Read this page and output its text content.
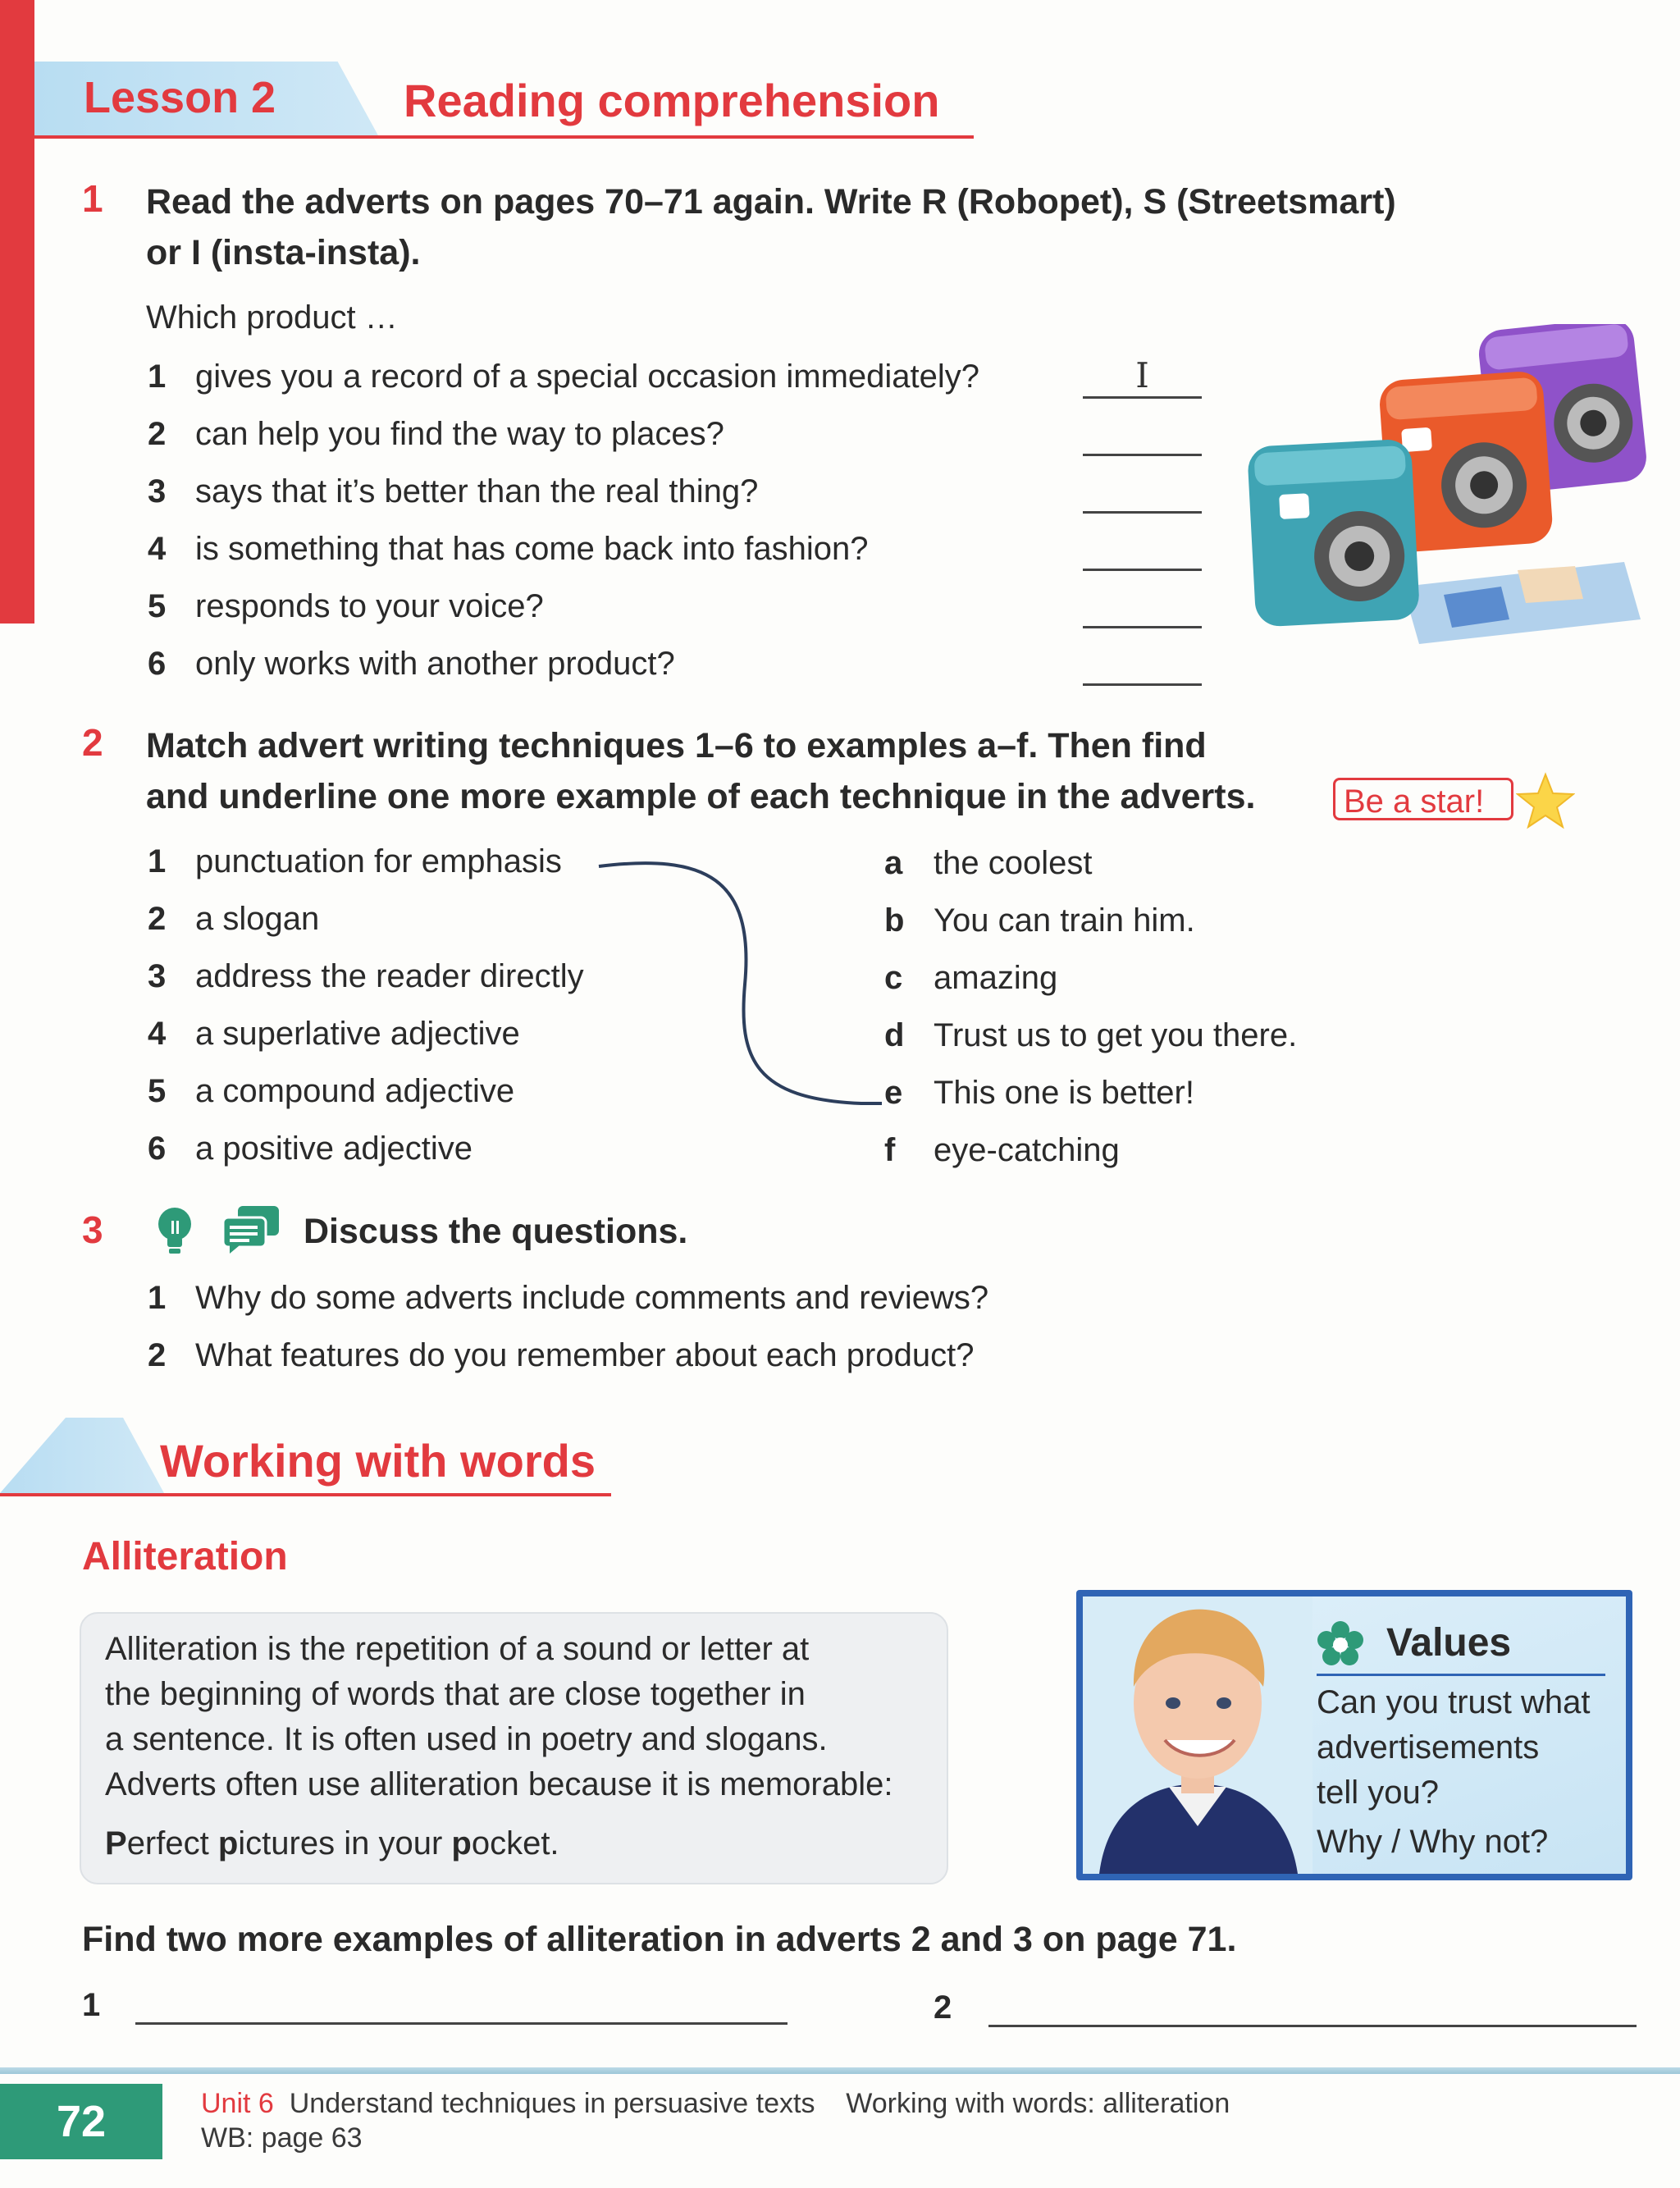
Lesson 2	Reading comprehension
1 Read the adverts on pages 70–71 again. Write R (Robopet), S (Streetsmart)
or I (insta-insta).
Which product …
1 gives you a record of a special occasion immediately?	I
2 can help you find the way to places?
3 says that it’s better than the real thing?
4 is something that has come back into fashion?
5 responds to your voice?
6 only works with another product?
2 Match advert writing techniques 1–6 to examples a–f. Then find
and underline one more example of each technique in the adverts.	Be a star!
1 punctuation for emphasis
2 a slogan
3 address the reader directly
4 a superlative adjective
5 a compound adjective
6 a positive adjective
a the coolest
b You can train him.
c amazing
d Trust us to get you there.
e This one is better!
f eye-catching
3	Discuss the questions.
1 Why do some adverts include comments and reviews?
2 What features do you remember about each product?
Working with words
Alliteration
Alliteration is the repetition of a sound or letter at
the beginning of words that are close together in
a sentence. It is often used in poetry and slogans.
Adverts often use alliteration because it is memorable:
Perfect pictures in your pocket.
Values
Can you trust what
advertisements
tell you?
Why / Why not?
Find two more examples of alliteration in adverts 2 and 3 on page 71.
1	2
72	Unit 6 Understand techniques in persuasive texts Working with words: alliteration
WB: page 63
